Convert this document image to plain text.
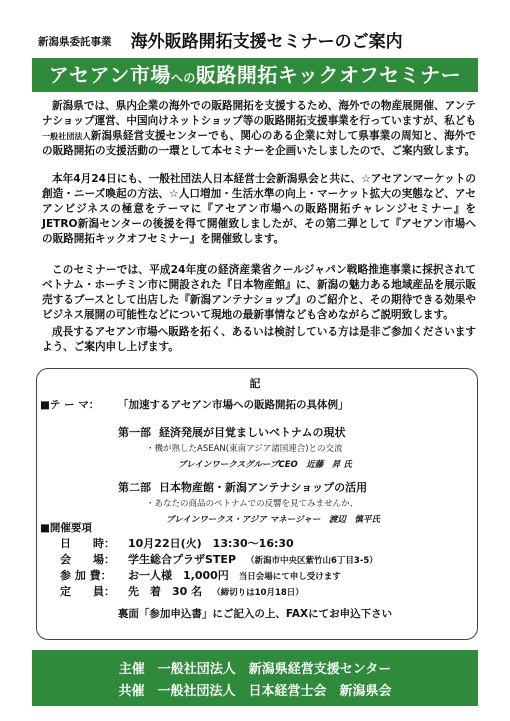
新潟県委託事業 海外販路開拓支援セミナーのご案内
アセアン市場への販路開拓キックオフセミナー

新潟県では、県内企業の海外での販路開拓を支援するため、海外での物産展開催、アンテナショップ運営、中国向けネットショップ等の販路開拓支援事業を行っていますが、私ども一般社団法人新潟県経営支援センターでも、関心のある企業に対して県事業の周知と、海外での販路開拓の支援活動の一環として本セミナーを企画いたしましたので、ご案内致します。

本年4月24日にも、一般社団法人日本経営士会新潟県会と共に、☆アセアンマーケットの創造・ニーズ喚起の方法、☆人口増加・生活水準の向上・マーケット拡大の実態など、アセアンビジネスの極意をテーマに『アセアン市場への販路開拓チャレンジセミナー』をJETRO新潟センターの後援を得て開催致しましたが、その第二弾として『アセアン市場への販路開拓キックオフセミナー』を開催致します。

このセミナーでは、平成24年度の経済産業省クールジャパン戦略推進事業に採択されてベトナム・ホーチミン市に開設された『日本物産館』に、新潟の魅力ある地域産品を展示販売するブースとして出店した『新潟アンテナショップ』のご紹介と、その期待できる効果やビジネス展開の可能性などについて現地の最新事情なども含めながらご説明致します。

成長するアセアン市場へ販路を拓く、あるいは検討している方は是非ご参加くださいますよう、ご案内申し上げます。

記
■テ ー マ： 「加速するアセアン市場への販路開拓の具体例」
第一部 経済発展が目覚ましいベトナムの現状
・機が熟したASEAN(東南アジア諸国連合)との交流
ブレインワークスグループCEO　近藤　昇 氏
第二部 日本物産館・新潟アンテナショップの活用
・あなたの商品のベトナムでの反響を見てみませんか、
ブレインワークス・アジア マネージャー　渡辺　慎平氏
■開催要項
日　　時： 10月22日(火)　13:30～16:30
会　　場： 学生総合プラザSTEP （新潟市中央区紫竹山6丁目3-5）
参 加 費： お一人様　1,000円 当日会場にて申し受けます
定　　員： 先　着　30 名 （締切りは10月18日）
裏面「参加申込書」にご記入の上、FAXにてお申込下さい
主催　一般社団法人　新潟県経営支援センター
共催　一般社団法人　日本経営士会　新潟県会
